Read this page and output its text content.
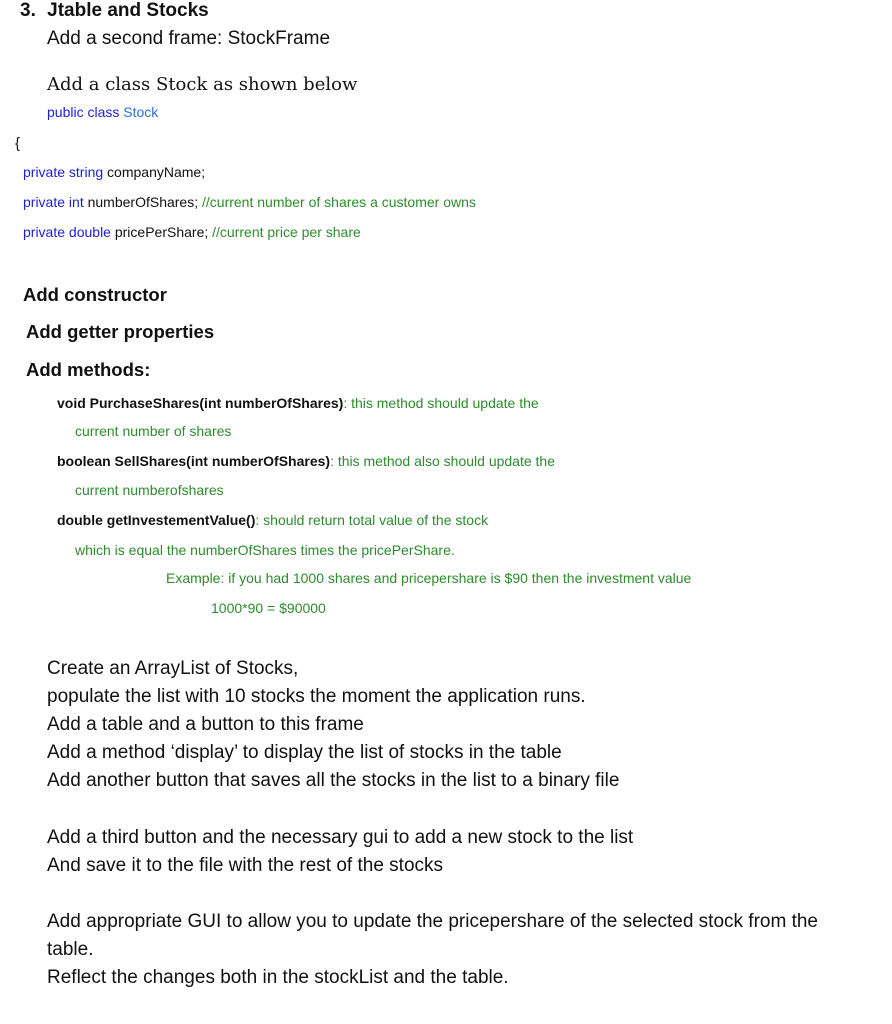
3. Jtable and Stocks
Add a second frame: StockFrame
Add a class Stock as shown below
public class Stock
{
private string companyName;
private int numberOfShares; //current number of shares a customer owns
private double pricePerShare; //current price per share
Add constructor
Add getter properties
Add methods:
void PurchaseShares(int numberOfShares): this method should update the
current number of shares
boolean SellShares(int numberOfShares): this method also should update the
current numberofshares
double getInvestementValue(): should return total value of the stock
which is equal the numberOfShares times the pricePerShare.
Example: if you had 1000 shares and pricepershare is $90 then the investment value
1000*90 = $90000
Create an ArrayList of Stocks,
populate the list with 10 stocks the moment the application runs.
Add a table and a button to this frame
Add a method ‘display’ to display the list of stocks in the table
Add another button that saves all the stocks in the list to a binary file
Add a third button and the necessary gui to add a new stock to the list
And save it to the file with the rest of the stocks
Add appropriate GUI to allow you to update the pricepershare of the selected stock from the
table.
Reflect the changes both in the stockList and the table.
